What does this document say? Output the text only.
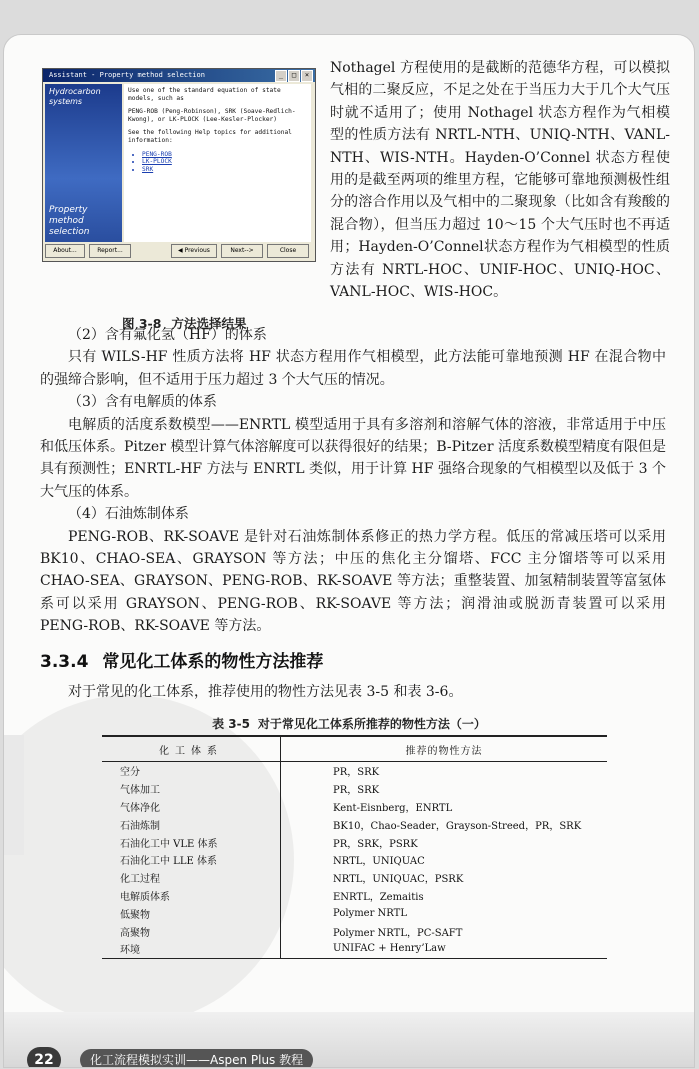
Assistant - Property method selection	_	□	×
Hydrocarbon
systems
Property
method
selection

Use one of the standard equation of state models, such as

PENG-ROB (Peng-Robinson), SRK (Soave-Redlich-Kwong), or LK-PLOCK (Lee-Kesler-Plocker)

See the following Help topics for additional information:

• PENG-ROB
• LK-PLOCK
• SRK
About...	Report...	◀ Previous	Next-->	Close
图 3-8 方法选择结果
Nothagel 方程使用的是截断的范德华方程，可以模拟气相的二聚反应，不足之处在于当压力大于几个大气压时就不适用了；使用 Nothagel 状态方程作为气相模型的性质方法有 NRTL-NTH、UNIQ-NTH、VANL-NTH、WIS-NTH。Hayden-O’Connel 状态方程使用的是截至两项的维里方程，它能够可靠地预测极性组分的溶合作用以及气相中的二聚现象（比如含有羧酸的混合物），但当压力超过 10～15 个大气压时也不再适用；Hayden-O’Connel状态方程作为气相模型的性质方法有 NRTL-HOC、UNIF-HOC、UNIQ-HOC、VANL-HOC、WIS-HOC。
（2）含有氟化氢（HF）的体系

只有 WILS-HF 性质方法将 HF 状态方程用作气相模型，此方法能可靠地预测 HF 在混合物中的强缔合影响，但不适用于压力超过 3 个大气压的情况。

（3）含有电解质的体系

电解质的活度系数模型——ENRTL 模型适用于具有多溶剂和溶解气体的溶液，非常适用于中压和低压体系。Pitzer 模型计算气体溶解度可以获得很好的结果；B-Pitzer 活度系数模型精度有限但是具有预测性；ENRTL-HF 方法与 ENRTL 类似，用于计算 HF 强络合现象的气相模型以及低于 3 个大气压的体系。

（4）石油炼制体系

PENG-ROB、RK-SOAVE 是针对石油炼制体系修正的热力学方程。低压的常减压塔可以采用 BK10、CHAO-SEA、GRAYSON 等方法；中压的焦化主分馏塔、FCC 主分馏塔等可以采用 CHAO-SEA、GRAYSON、PENG-ROB、RK-SOAVE 等方法；重整装置、加氢精制装置等富氢体系可以采用 GRAYSON、PENG-ROB、RK-SOAVE 等方法；润滑油或脱沥青装置可以采用 PENG-ROB、RK-SOAVE 等方法。

3.3.4 常见化工体系的物性方法推荐
对于常见的化工体系，推荐使用的物性方法见表 3-5 和表 3-6。
表 3-5 对于常见化工体系所推荐的物性方法（一）
化工体系	推荐的物性方法
空分	PR，SRK
气体加工	PR，SRK
气体净化	Kent-Eisnberg，ENRTL
石油炼制	BK10，Chao-Seader，Grayson-Streed，PR，SRK
石油化工中 VLE 体系	PR，SRK，PSRK
石油化工中 LLE 体系	NRTL，UNIQUAC
化工过程	NRTL，UNIQUAC，PSRK
电解质体系	ENRTL，Zemaitis
低聚物	Polymer NRTL
高聚物	Polymer NRTL，PC-SAFT
环境	UNIFAC + Henry’Law
22	化工流程模拟实训——Aspen Plus 教程
